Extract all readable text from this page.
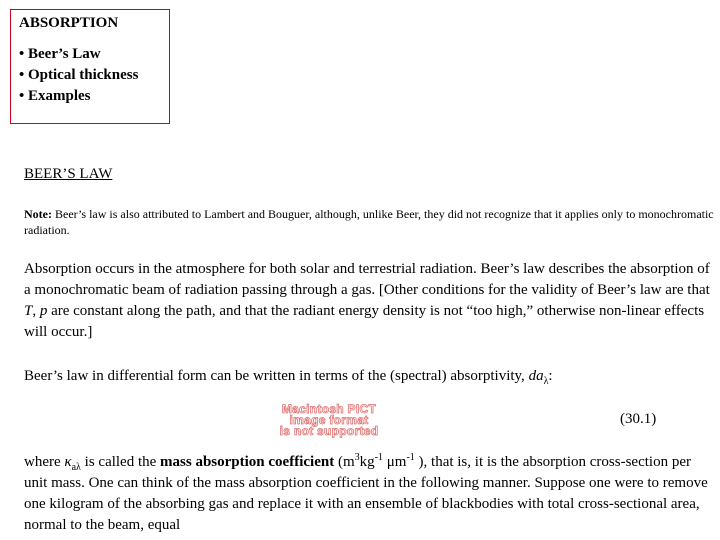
ABSORPTION
• Beer’s Law
• Optical thickness
• Examples
BEER’S LAW
Note: Beer’s law is also attributed to Lambert and Bouguer, although, unlike Beer, they did not recognize that it applies only to monochromatic radiation.
Absorption occurs in the atmosphere for both solar and terrestrial radiation. Beer’s law describes the absorption of a monochromatic beam of radiation passing through a gas. [Other conditions for the validity of Beer’s law are that T, p are constant along the path, and that the radiant energy density is not “too high,” otherwise non-linear effects will occur.]
Beer’s law in differential form can be written in terms of the (spectral) absorptivity, $da_\lambda$:
Macintosh PICT
image format
is not supported
(30.1)
where $\kappa_{a\lambda}$ is called the mass absorption coefficient ($m^3kg^{-1}$ $\mu m^{-1}$ ), that is, it is the absorption cross-section per unit mass. One can think of the mass absorption coefficient in the following manner. Suppose one were to remove one kilogram of the absorbing gas and replace it with an ensemble of blackbodies with total cross-sectional area, normal to the beam, equal
